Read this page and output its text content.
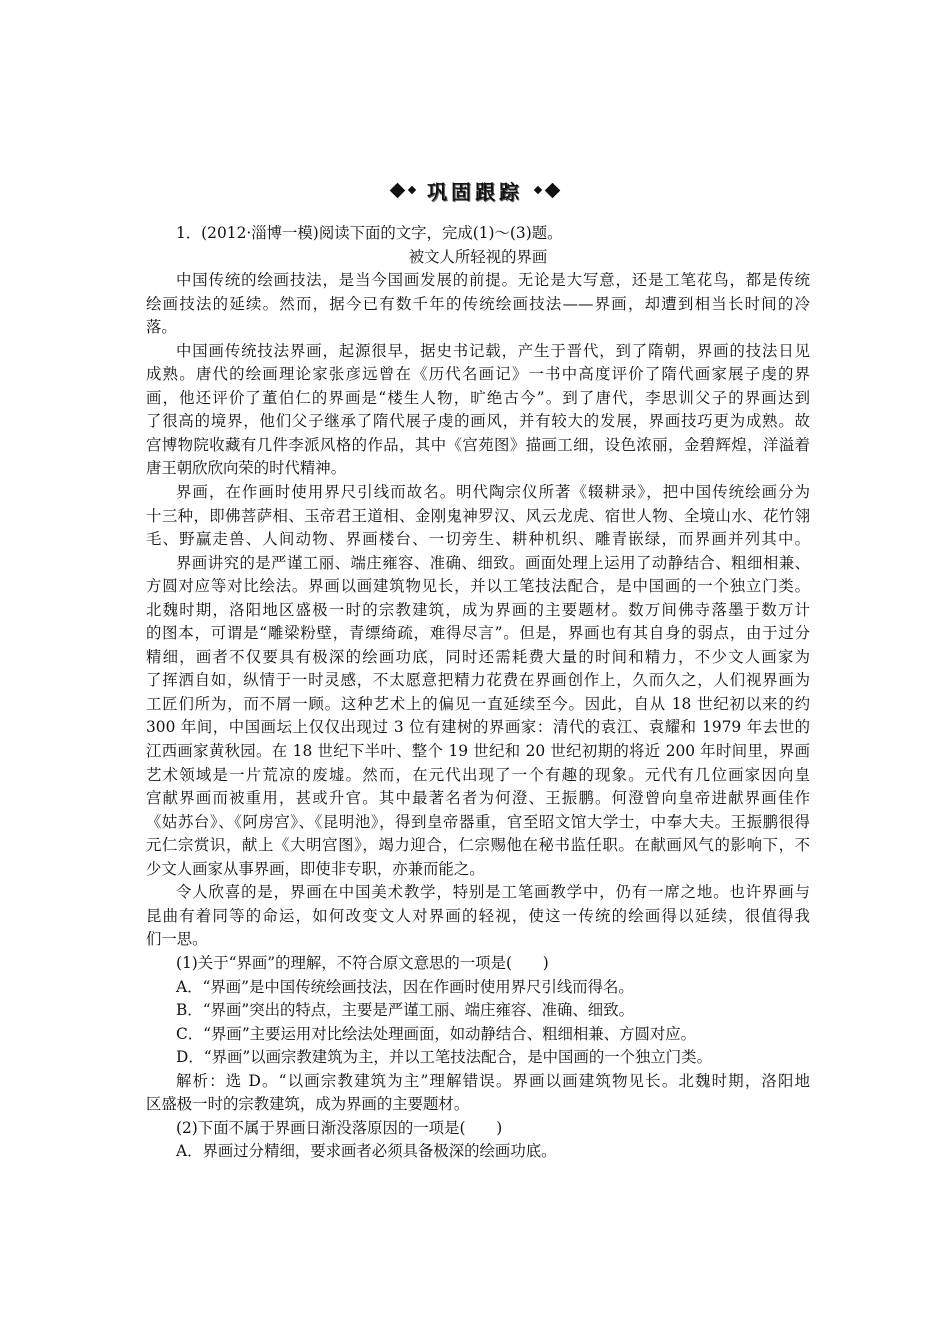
巩固跟踪
1．(2012·淄博一模)阅读下面的文字，完成(1)～(3)题。
被文人所轻视的界画
中国传统的绘画技法，是当今国画发展的前提。无论是大写意，还是工笔花鸟，都是传统
绘画技法的延续。然而，据今已有数千年的传统绘画技法——界画，却遭到相当长时间的冷
落。
中国画传统技法界画，起源很早，据史书记载，产生于晋代，到了隋朝，界画的技法日见
成熟。唐代的绘画理论家张彦远曾在《历代名画记》一书中高度评价了隋代画家展子虔的界
画，他还评价了董伯仁的界画是“楼生人物，旷绝古今”。到了唐代，李思训父子的界画达到
了很高的境界，他们父子继承了隋代展子虔的画风，并有较大的发展，界画技巧更为成熟。故
宫博物院收藏有几件李派风格的作品，其中《宫苑图》描画工细，设色浓丽，金碧辉煌，洋溢着
唐王朝欣欣向荣的时代精神。
界画，在作画时使用界尺引线而故名。明代陶宗仪所著《辍耕录》，把中国传统绘画分为
十三种，即佛菩萨相、玉帝君王道相、金刚鬼神罗汉、风云龙虎、宿世人物、全境山水、花竹翎
毛、野赢走兽、人间动物、界画楼台、一切旁生、耕种机织、雕青嵌绿，而界画并列其中。
界画讲究的是严谨工丽、端庄雍容、准确、细致。画面处理上运用了动静结合、粗细相兼、
方圆对应等对比绘法。界画以画建筑物见长，并以工笔技法配合，是中国画的一个独立门类。
北魏时期，洛阳地区盛极一时的宗教建筑，成为界画的主要题材。数万间佛寺落墨于数万计
的图本，可谓是“雕梁粉壁，青缥绮疏，难得尽言”。但是，界画也有其自身的弱点，由于过分
精细，画者不仅要具有极深的绘画功底，同时还需耗费大量的时间和精力，不少文人画家为
了挥洒自如，纵情于一时灵感，不太愿意把精力花费在界画创作上，久而久之，人们视界画为
工匠们所为，而不屑一顾。这种艺术上的偏见一直延续至今。因此，自从 18 世纪初以来的约
300 年间，中国画坛上仅仅出现过 3 位有建树的界画家：清代的袁江、袁耀和 1979 年去世的
江西画家黄秋园。在 18 世纪下半叶、整个 19 世纪和 20 世纪初期的将近 200 年时间里，界画
艺术领域是一片荒凉的废墟。然而，在元代出现了一个有趣的现象。元代有几位画家因向皇
宫献界画而被重用，甚或升官。其中最著名者为何澄、王振鹏。何澄曾向皇帝进献界画佳作
《姑苏台》、《阿房宫》、《昆明池》，得到皇帝器重，官至昭文馆大学士，中奉大夫。王振鹏很得
元仁宗赏识，献上《大明宫图》，竭力迎合，仁宗赐他在秘书监任职。在献画风气的影响下，不
少文人画家从事界画，即使非专职，亦兼而能之。
令人欣喜的是，界画在中国美术教学，特别是工笔画教学中，仍有一席之地。也许界画与
昆曲有着同等的命运，如何改变文人对界画的轻视，使这一传统的绘画得以延续，很值得我
们一思。
(1)关于“界画”的理解，不符合原文意思的一项是(　　)
A．“界画”是中国传统绘画技法，因在作画时使用界尺引线而得名。
B．“界画”突出的特点，主要是严谨工丽、端庄雍容、准确、细致。
C．“界画”主要运用对比绘法处理画面，如动静结合、粗细相兼、方圆对应。
D．“界画”以画宗教建筑为主，并以工笔技法配合，是中国画的一个独立门类。
解析：选 D。“以画宗教建筑为主”理解错误。界画以画建筑物见长。北魏时期，洛阳地
区盛极一时的宗教建筑，成为界画的主要题材。
(2)下面不属于界画日渐没落原因的一项是(　　)
A．界画过分精细，要求画者必须具备极深的绘画功底。
